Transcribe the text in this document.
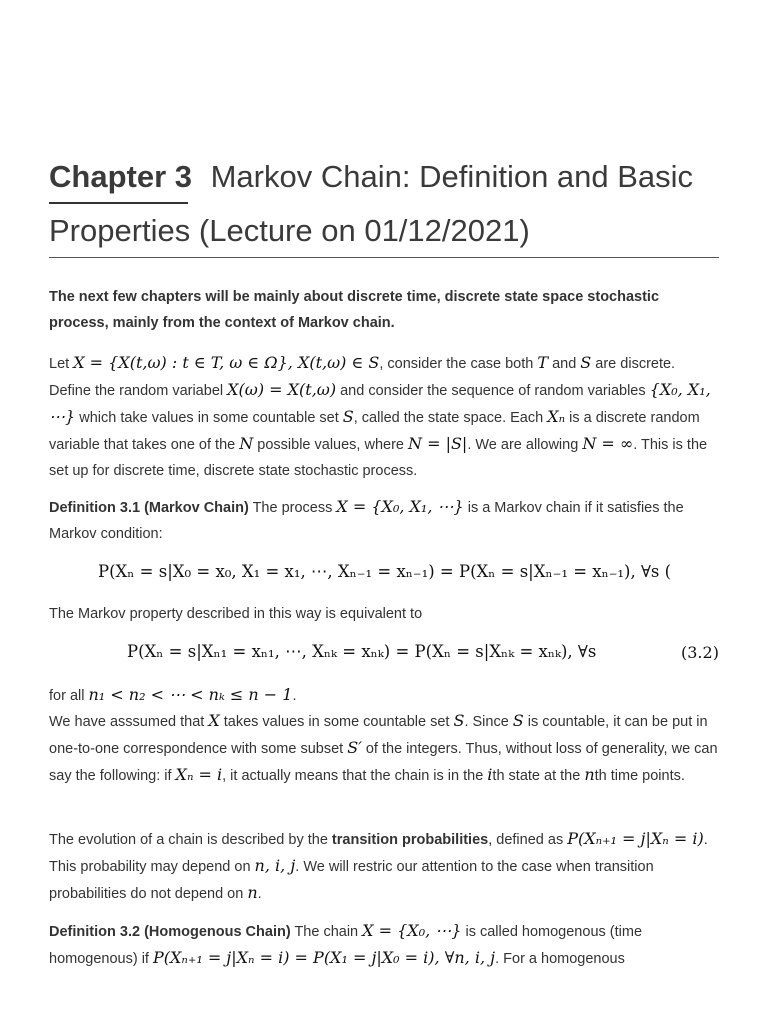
Chapter 3 Markov Chain: Definition and Basic Properties (Lecture on 01/12/2021)
The next few chapters will be mainly about discrete time, discrete state space stochastic process, mainly from the context of Markov chain.
Let X = {X(t,ω) : t ∈ T, ω ∈ Ω}, X(t,ω) ∈ S, consider the case both T and S are discrete. Define the random variabel X(ω) = X(t,ω) and consider the sequence of random variables {X₀, X₁, ⋯} which take values in some countable set S, called the state space. Each Xₙ is a discrete random variable that takes one of the N possible values, where N = |S|. We are allowing N = ∞. This is the set up for discrete time, discrete state stochastic process.
Definition 3.1 (Markov Chain) The process X = {X₀, X₁, ⋯} is a Markov chain if it satisfies the Markov condition:
P(Xₙ = s|X₀ = x₀, X₁ = x₁, ⋯, Xₙ₋₁ = xₙ₋₁) = P(Xₙ = s|Xₙ₋₁ = xₙ₋₁), ∀s (
The Markov property described in this way is equivalent to
P(Xₙ = s|Xₙ₁ = xₙ₁, ⋯, Xₙₖ = xₙₖ) = P(Xₙ = s|Xₙₖ = xₙₖ), ∀s	(3.2)
for all n₁ < n₂ < ⋯ < nₖ ≤ n − 1.
We have asssumed that X takes values in some countable set S. Since S is countable, it can be put in one-to-one correspondence with some subset S′ of the integers. Thus, without loss of generality, we can say the following: if Xₙ = i, it actually means that the chain is in the ith state at the nth time points.
The evolution of a chain is described by the transition probabilities, defined as P(Xₙ₊₁ = j|Xₙ = i). This probability may depend on n, i, j. We will restric our attention to the case when transition probabilities do not depend on n.
Definition 3.2 (Homogenous Chain) The chain X = {X₀, ⋯} is called homogenous (time homogenous) if P(Xₙ₊₁ = j|Xₙ = i) = P(X₁ = j|X₀ = i), ∀n, i, j. For a homogenous
